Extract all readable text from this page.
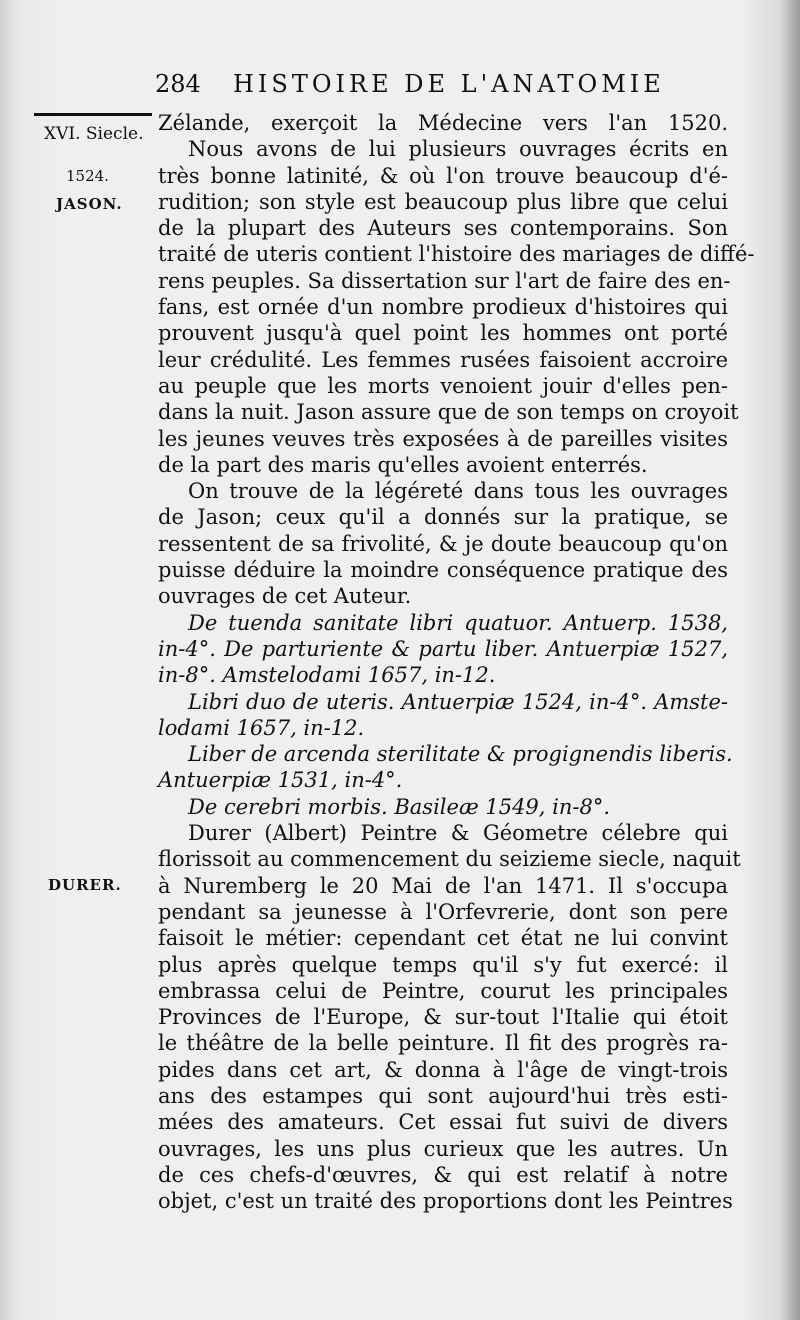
284 HISTOIRE DE L'ANATOMIE
XVI. Siecle.
1524.
JASON.
DURER.
Zélande, exerçoit la Médecine vers l'an 1520.
Nous avons de lui plusieurs ouvrages écrits en
très bonne latinité, & où l'on trouve beaucoup d'é-
rudition; son style est beaucoup plus libre que celui
de la plupart des Auteurs ses contemporains. Son
traité de uteris contient l'histoire des mariages de diffé-
rens peuples. Sa dissertation sur l'art de faire des en-
fans, est ornée d'un nombre prodieux d'histoires qui
prouvent jusqu'à quel point les hommes ont porté
leur crédulité. Les femmes rusées faisoient accroire
au peuple que les morts venoient jouir d'elles pen-
dans la nuit. Jason assure que de son temps on croyoit
les jeunes veuves très exposées à de pareilles visites
de la part des maris qu'elles avoient enterrés.
On trouve de la légéreté dans tous les ouvrages
de Jason; ceux qu'il a donnés sur la pratique, se
ressentent de sa frivolité, & je doute beaucoup qu'on
puisse déduire la moindre conséquence pratique des
ouvrages de cet Auteur.
De tuenda sanitate libri quatuor. Antuerp. 1538,
in-4°. De parturiente & partu liber. Antuerpiæ 1527,
in-8°. Amstelodami 1657, in-12.
Libri duo de uteris. Antuerpiæ 1524, in-4°. Amste-
lodami 1657, in-12.
Liber de arcenda sterilitate & progignendis liberis.
Antuerpiæ 1531, in-4°.
De cerebri morbis. Basileæ 1549, in-8°.
Durer (Albert) Peintre & Géometre célebre qui
florissoit au commencement du seizieme siecle, naquit
à Nuremberg le 20 Mai de l'an 1471. Il s'occupa
pendant sa jeunesse à l'Orfevrerie, dont son pere
faisoit le métier: cependant cet état ne lui convint
plus après quelque temps qu'il s'y fut exercé: il
embrassa celui de Peintre, courut les principales
Provinces de l'Europe, & sur-tout l'Italie qui étoit
le théâtre de la belle peinture. Il fit des progrès ra-
pides dans cet art, & donna à l'âge de vingt-trois
ans des estampes qui sont aujourd'hui très esti-
mées des amateurs. Cet essai fut suivi de divers
ouvrages, les uns plus curieux que les autres. Un
de ces chefs-d'œuvres, & qui est relatif à notre
objet, c'est un traité des proportions dont les Peintres
